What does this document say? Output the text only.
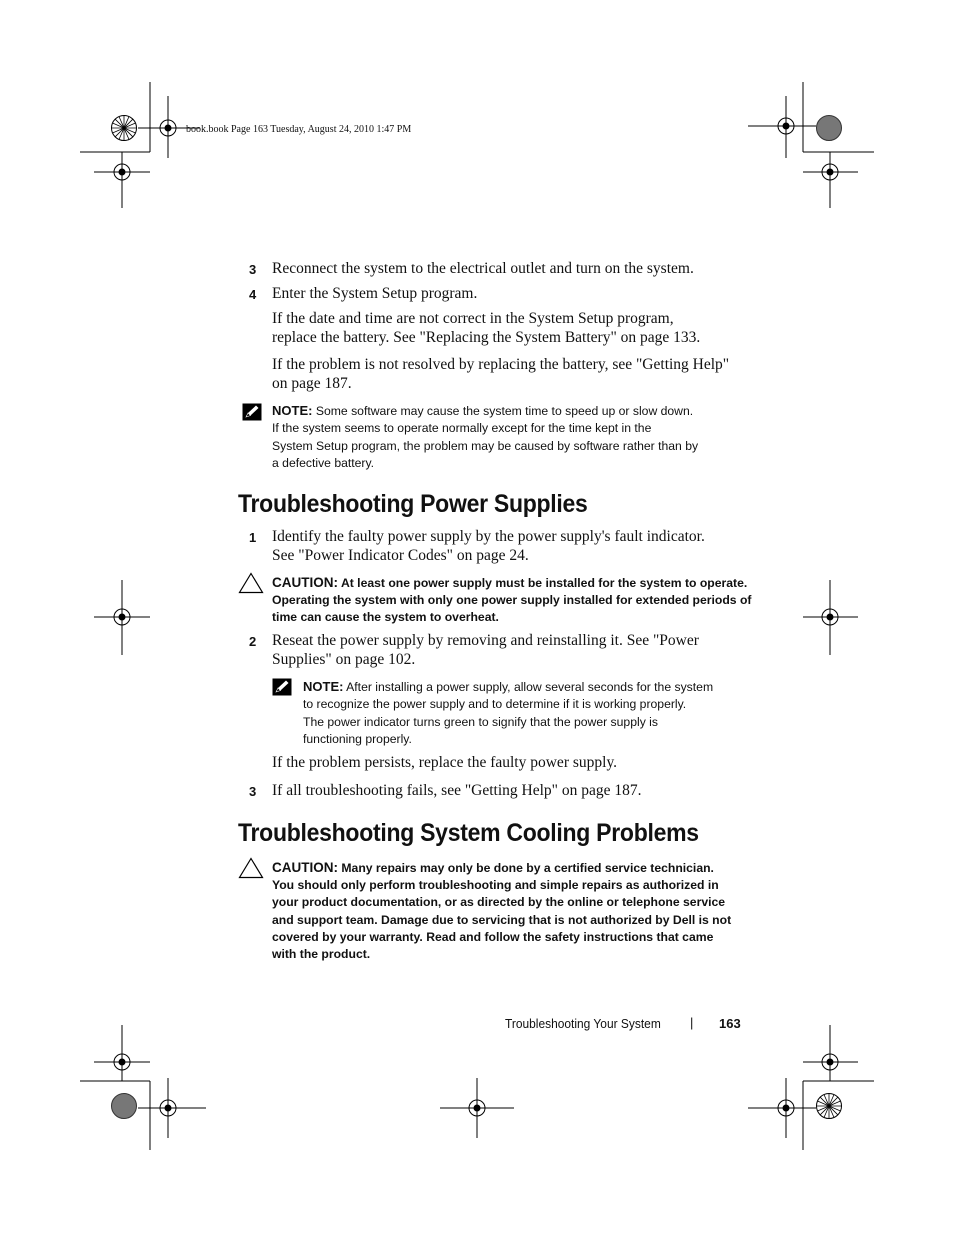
book.book Page 163 Tuesday, August 24, 2010 1:47 PM
3 Reconnect the system to the electrical outlet and turn on the system.
4 Enter the System Setup program.
If the date and time are not correct in the System Setup program,
replace the battery. See "Replacing the System Battery" on page 133.
If the problem is not resolved by replacing the battery, see "Getting Help"
on page 187.
NOTE: Some software may cause the system time to speed up or slow down.
If the system seems to operate normally except for the time kept in the
System Setup program, the problem may be caused by software rather than by
a defective battery.
Troubleshooting Power Supplies
1 Identify the faulty power supply by the power supply's fault indicator.
See "Power Indicator Codes" on page 24.
CAUTION: At least one power supply must be installed for the system to operate.
Operating the system with only one power supply installed for extended periods of
time can cause the system to overheat.
2 Reseat the power supply by removing and reinstalling it. See "Power
Supplies" on page 102.
NOTE: After installing a power supply, allow several seconds for the system
to recognize the power supply and to determine if it is working properly.
The power indicator turns green to signify that the power supply is
functioning properly.
If the problem persists, replace the faulty power supply.
3 If all troubleshooting fails, see "Getting Help" on page 187.
Troubleshooting System Cooling Problems
CAUTION: Many repairs may only be done by a certified service technician.
You should only perform troubleshooting and simple repairs as authorized in
your product documentation, or as directed by the online or telephone service
and support team. Damage due to servicing that is not authorized by Dell is not
covered by your warranty. Read and follow the safety instructions that came
with the product.
Troubleshooting Your System | 163
